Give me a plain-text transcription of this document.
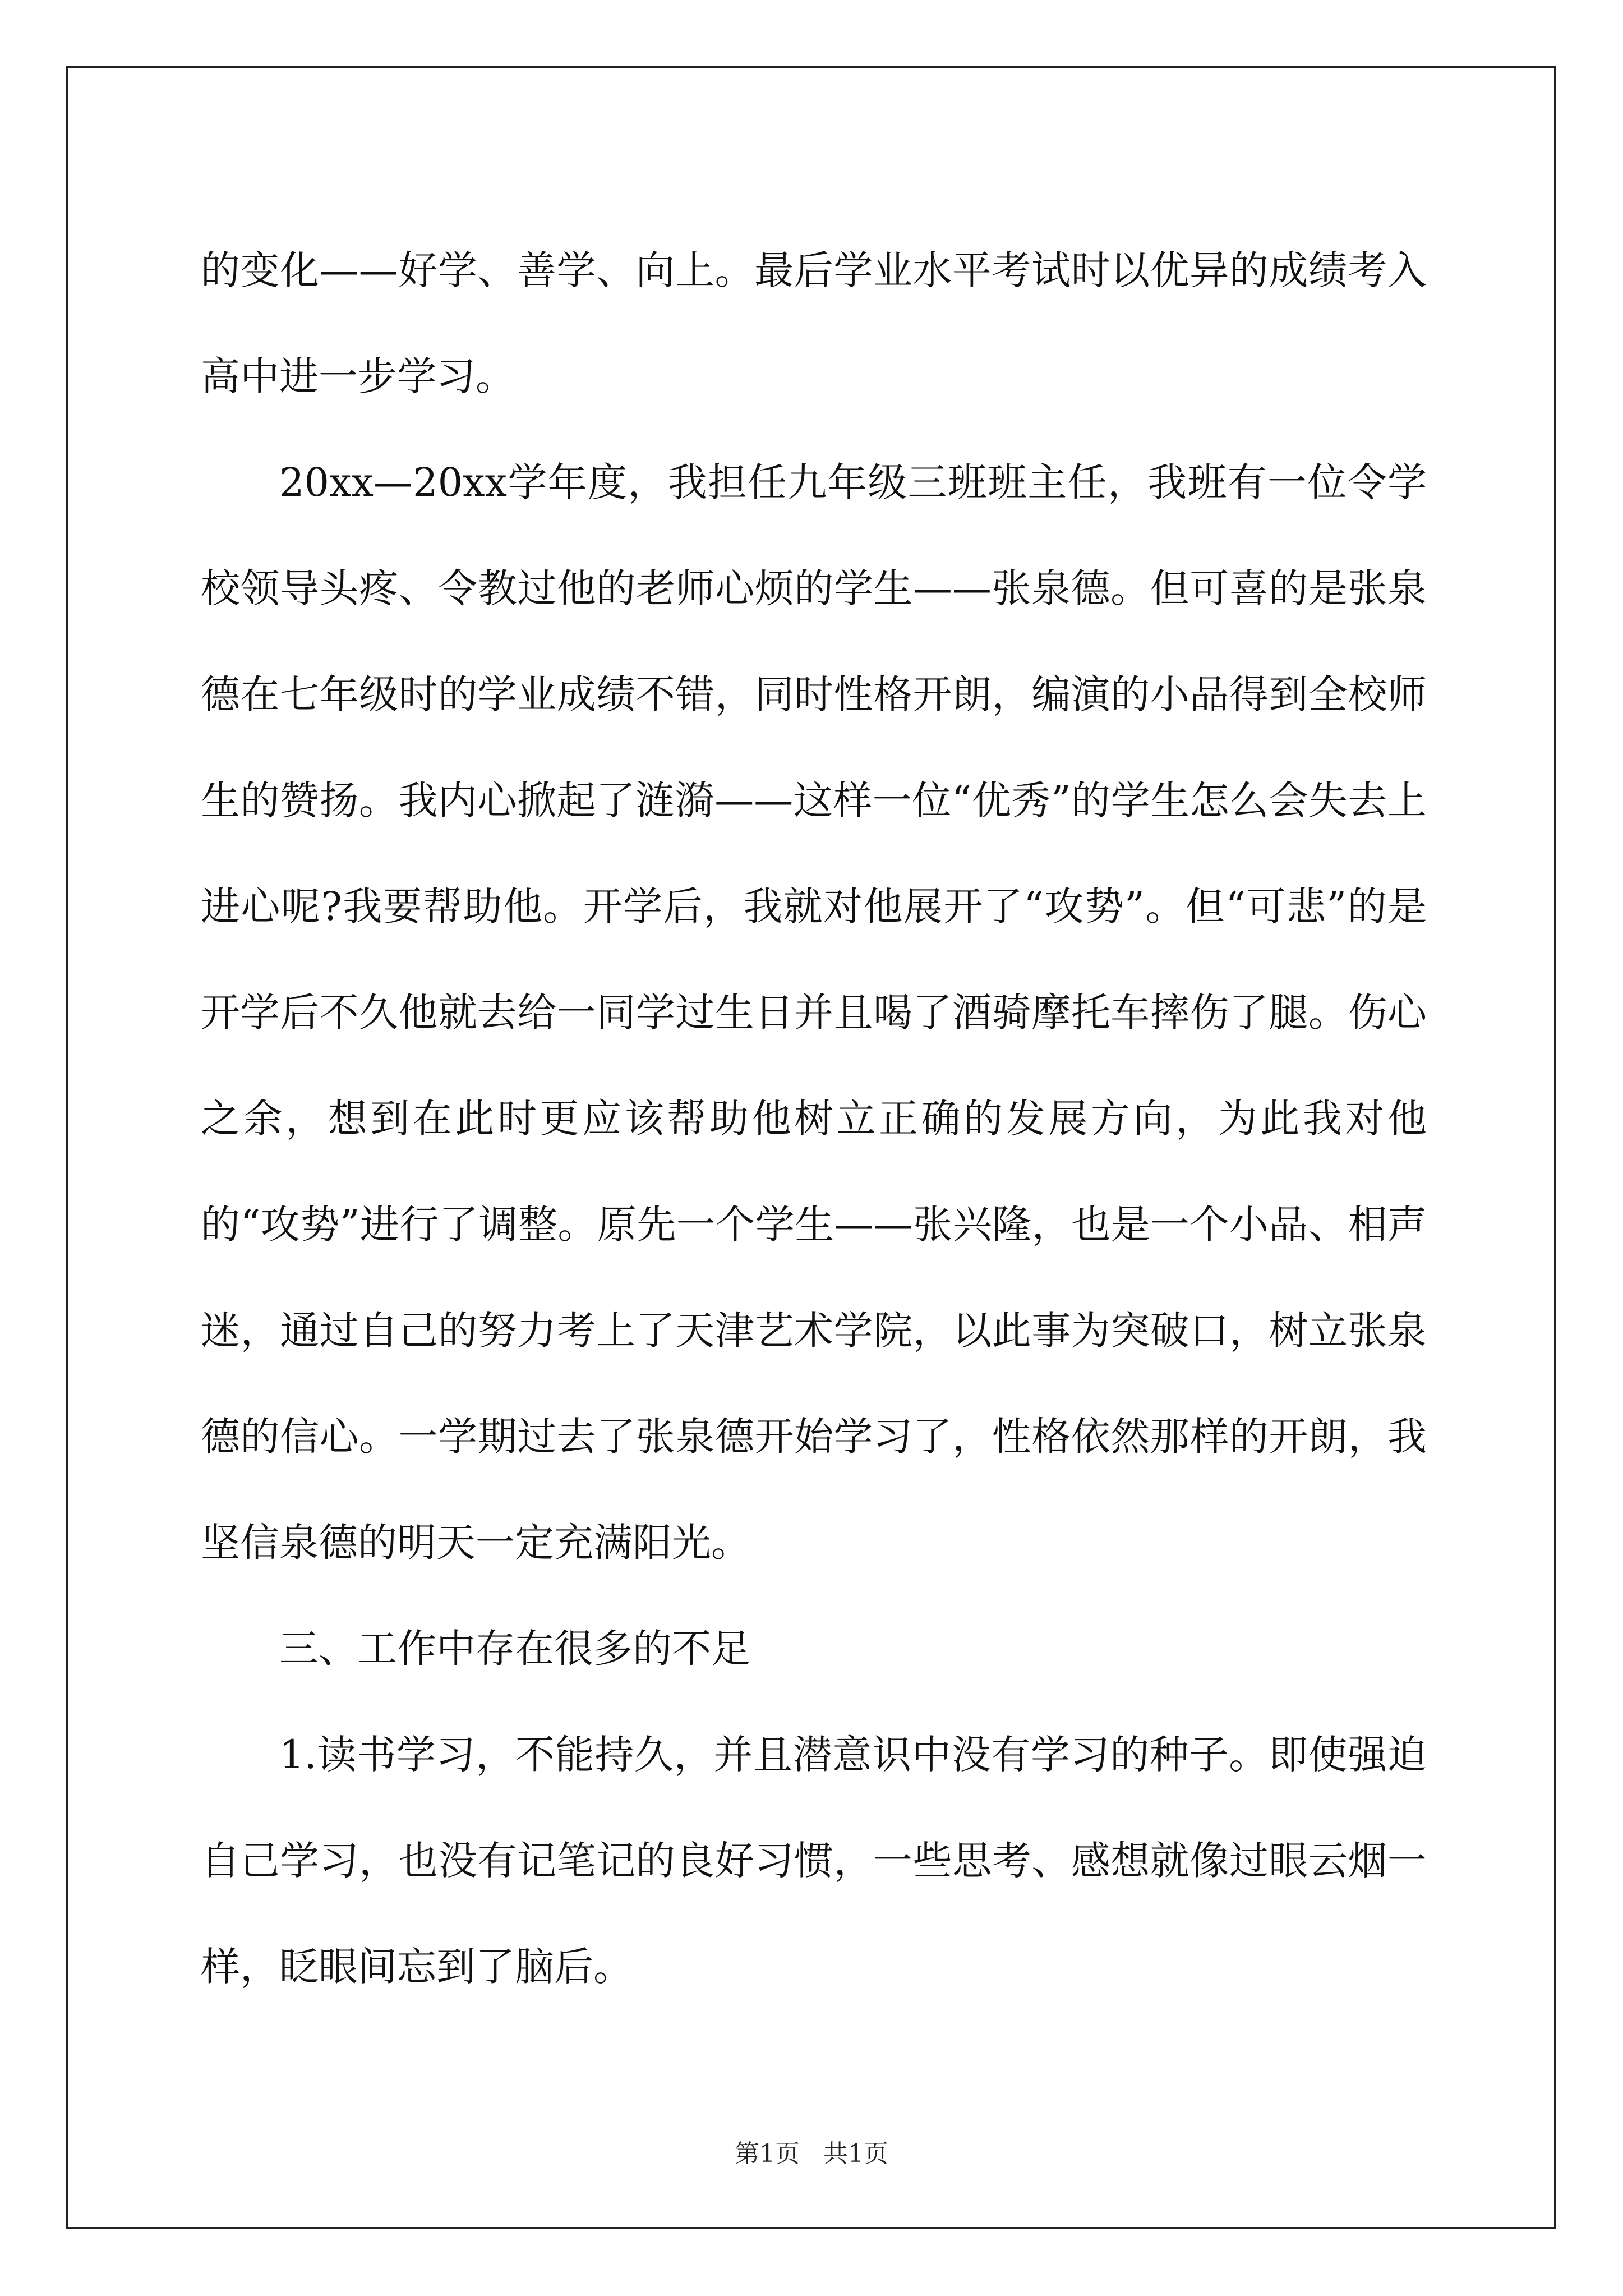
的变化——好学、善学、向上。最后学业水平考试时以优异的成绩考入高中进一步学习。

20xx—20xx学年度，我担任九年级三班班主任，我班有一位令学校领导头疼、令教过他的老师心烦的学生——张泉德。但可喜的是张泉德在七年级时的学业成绩不错，同时性格开朗，编演的小品得到全校师生的赞扬。我内心掀起了涟漪——这样一位“优秀”的学生怎么会失去上进心呢?我要帮助他。开学后，我就对他展开了“攻势”。但“可悲”的是开学后不久他就去给一同学过生日并且喝了酒骑摩托车摔伤了腿。伤心之余，想到在此时更应该帮助他树立正确的发展方向，为此我对他的“攻势”进行了调整。原先一个学生——张兴隆，也是一个小品、相声迷，通过自己的努力考上了天津艺术学院，以此事为突破口，树立张泉德的信心。一学期过去了张泉德开始学习了，性格依然那样的开朗，我坚信泉德的明天一定充满阳光。

三、工作中存在很多的不足

1.读书学习，不能持久，并且潜意识中没有学习的种子。即使强迫自己学习，也没有记笔记的良好习惯，一些思考、感想就像过眼云烟一样，眨眼间忘到了脑后。

第1页   共1页
